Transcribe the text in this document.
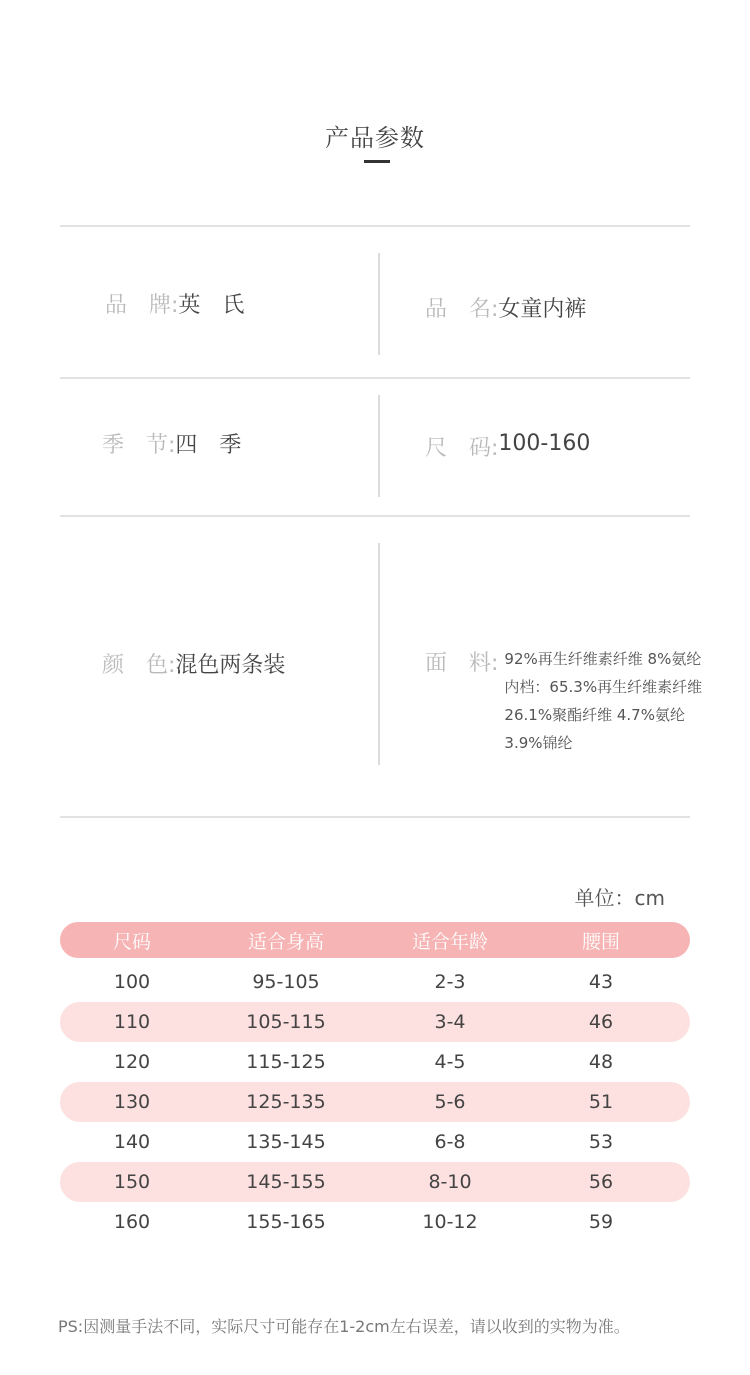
产品参数
品　牌: 英　氏	品　名: 女童内裤
季　节: 四　季	尺　码: 100-160
颜　色: 混色两条装	面　料: 92%再生纤维素纤维 8%氨纶
内档：65.3%再生纤维素纤维
26.1%聚酯纤维 4.7%氨纶
3.9%锦纶
单位：cm
尺码	适合身高	适合年龄	腰围
100	95-105	2-3	43
110	105-115	3-4	46
120	115-125	4-5	48
130	125-135	5-6	51
140	135-145	6-8	53
150	145-155	8-10	56
160	155-165	10-12	59
PS:因测量手法不同，实际尺寸可能存在1-2cm左右误差，请以收到的实物为准。
